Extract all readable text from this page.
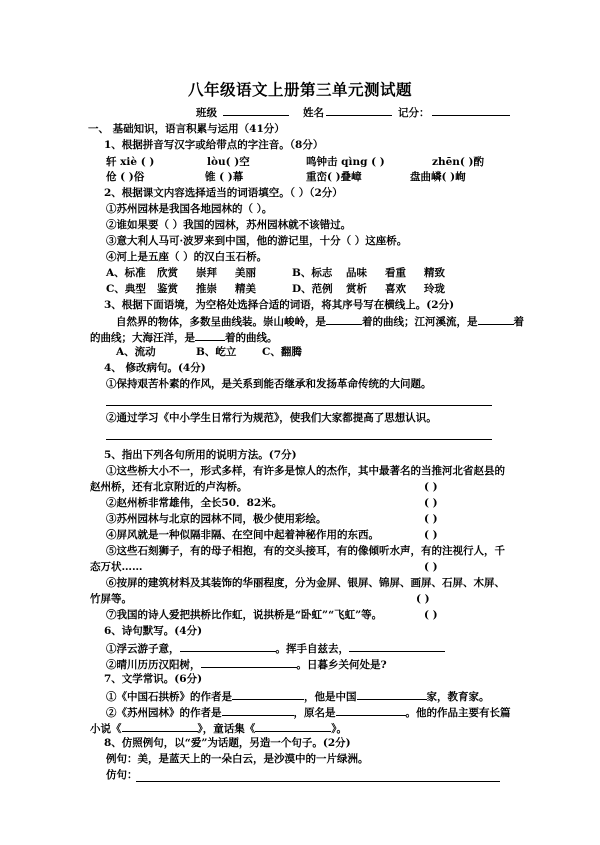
八年级语文上册第三单元测试题
班级	姓名	记分：
一、 基础知识，语言积累与运用（41分）
1、根据拼音写汉字或给带点的字注音。（8分）
轩 xiè ( )	lòu( )空	鸣钟击 qìng ( )	zhēn( )酌
伧 ( )俗	锥 ( )幕	重峦( )叠嶂	盘曲嶙( )峋
2、根据课文内容选择适当的词语填空。（ ）（2分）
①苏州园林是我国各地园林的（ ）。
②谁如果要（ ）我国的园林，苏州园林就不该错过。
③意大利人马可·波罗来到中国，他的游记里，十分（ ）这座桥。
④河上是五座（ ）的汉白玉石桥。
A、标准 欣赏 崇拜 美丽	B、标志 品味 看重 精致
C、典型 鉴赏 推崇 精美	D、范例 赏析 喜欢 玲珑
3、根据下面语境，为空格处选择合适的词语，将其序号写在横线上。(2分)
自然界的物体，多数呈曲线装。崇山峻岭，是	着的曲线；江河溪流，是	着
的曲线；大海汪洋，是	着的曲线。
A、流动	B、屹立 C、翻腾
4、 修改病句。(4分)
①保持艰苦朴素的作风，是关系到能否继承和发扬革命传统的大问题。
②通过学习《中小学生日常行为规范》，使我们大家都提高了思想认识。
5、指出下列各句所用的说明方法。(7分)
①这些桥大小不一，形式多样，有许多是惊人的杰作，其中最著名的当推河北省赵县的
赵州桥，还有北京附近的卢沟桥。	( )
②赵州桥非常雄伟，全长50．82米。	( )
③苏州园林与北京的园林不同，极少使用彩绘。	( )
④屏风就是一种似隔非隔、在空间中起着神秘作用的东西。	( )
⑤这些石刻狮子，有的母子相抱，有的交头接耳，有的像倾听水声，有的注视行人，千
态万状……	( )
⑥按屏的建筑材料及其装饰的华丽程度，分为金屏、银屏、锦屏、画屏、石屏、木屏、
竹屏等。	( )
⑦我国的诗人爱把拱桥比作虹，说拱桥是“卧虹”“飞虹”等。	( )
6、诗句默写。(4分)
①浮云游子意，	。挥手自兹去，
②晴川历历汉阳树，	。日暮乡关何处是?
7、文学常识。(6分)
①《中国石拱桥》的作者是	，他是中国	家，教育家。
②《苏州园林》的作者是	，原名是	。他的作品主要有长篇
小说《	》，童话集《	》。
8、仿照例句，以“爱”为话题，另造一个句子。(2分)
例句：美，是蓝天上的一朵白云，是沙漠中的一片绿洲。
仿句：
